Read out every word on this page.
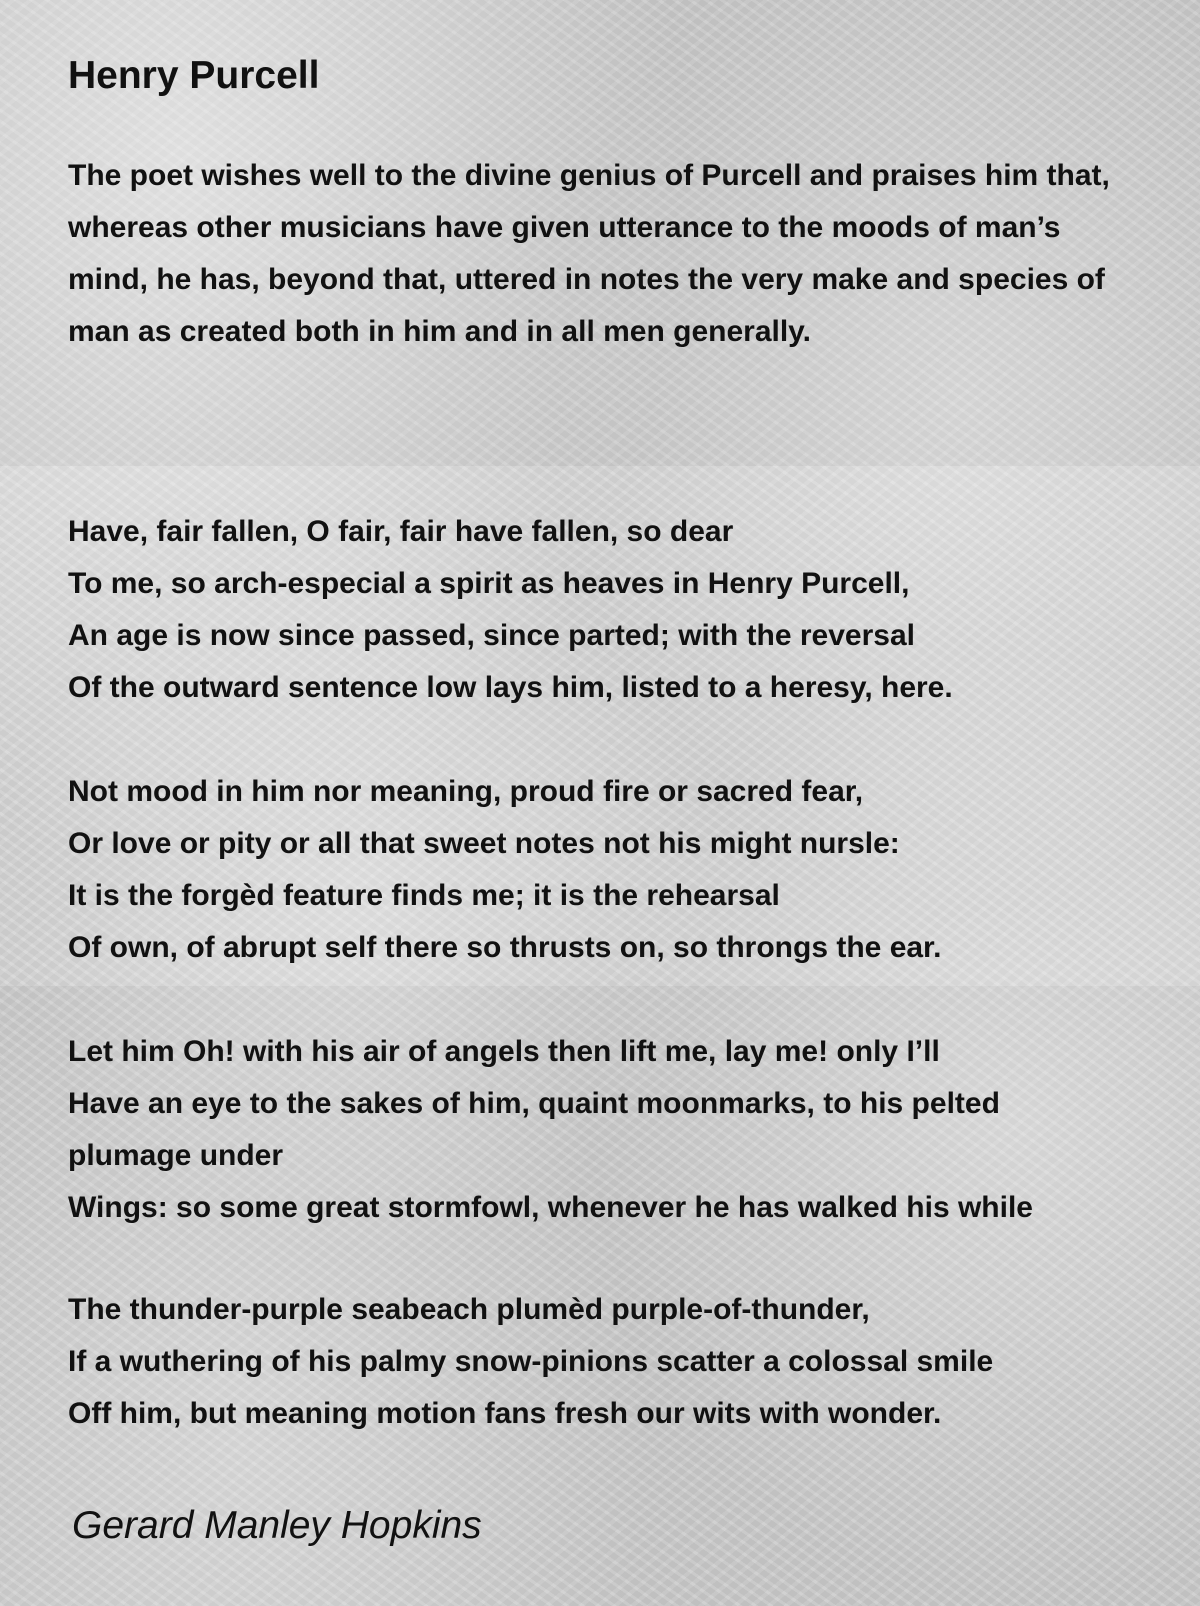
Henry Purcell

The poet wishes well to the divine genius of Purcell and praises him that, whereas other musicians have given utterance to the moods of man’s mind, he has, beyond that, uttered in notes the very make and species of man as created both in him and in all men generally.

Have, fair fallen, O fair, fair have fallen, so dear
To me, so arch-especial a spirit as heaves in Henry Purcell,
An age is now since passed, since parted; with the reversal
Of the outward sentence low lays him, listed to a heresy, here.
Not mood in him nor meaning, proud fire or sacred fear,
Or love or pity or all that sweet notes not his might nursle:
It is the forgèd feature finds me; it is the rehearsal
Of own, of abrupt self there so thrusts on, so throngs the ear.
Let him Oh! with his air of angels then lift me, lay me! only I’ll
Have an eye to the sakes of him, quaint moonmarks, to his pelted
plumage under
Wings: so some great stormfowl, whenever he has walked his while
The thunder-purple seabeach plumèd purple-of-thunder,
If a wuthering of his palmy snow-pinions scatter a colossal smile
Off him, but meaning motion fans fresh our wits with wonder.

Gerard Manley Hopkins
